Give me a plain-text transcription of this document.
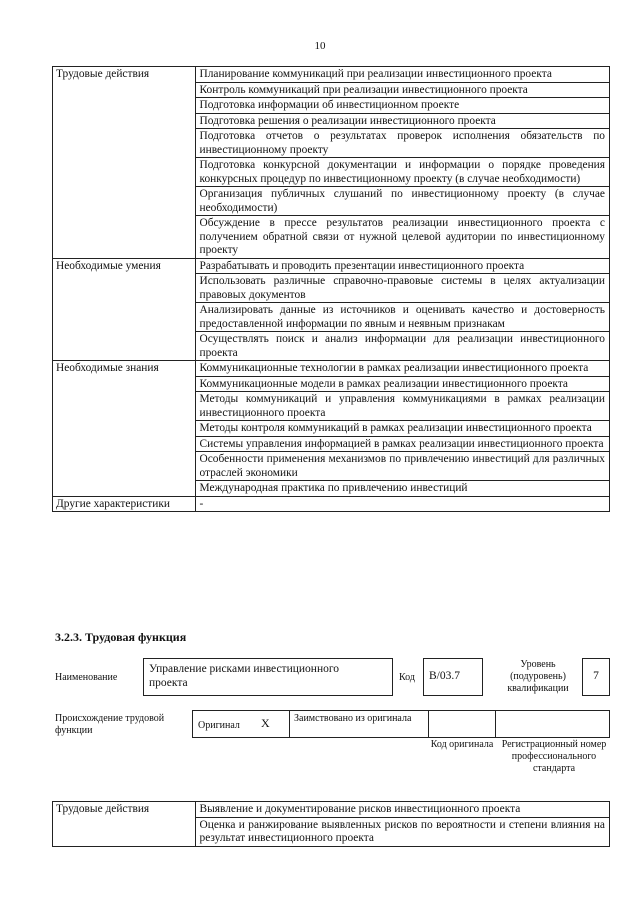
10
Трудовые действия	Планирование коммуникаций при реализации инвестиционного проекта
	Контроль коммуникаций при реализации инвестиционного проекта
	Подготовка информации об инвестиционном проекте
	Подготовка решения о реализации инвестиционного проекта
	Подготовка отчетов о результатах проверок исполнения обязательств по инвестиционному проекту
	Подготовка конкурсной документации и информации о порядке проведения конкурсных процедур по инвестиционному проекту (в случае необходимости)
	Организация публичных слушаний по инвестиционному проекту (в случае необходимости)
	Обсуждение в прессе результатов реализации инвестиционного проекта с получением обратной связи от нужной целевой аудитории по инвестиционному проекту
Необходимые умения	Разрабатывать и проводить презентации инвестиционного проекта
	Использовать различные справочно-правовые системы в целях актуализации правовых документов
	Анализировать данные из источников и оценивать качество и достоверность предоставленной информации по явным и неявным признакам
	Осуществлять поиск и анализ информации для реализации инвестиционного проекта
Необходимые знания	Коммуникационные технологии в рамках реализации инвестиционного проекта
	Коммуникационные модели в рамках реализации инвестиционного проекта
	Методы коммуникаций и управления коммуникациями в рамках реализации инвестиционного проекта
	Методы контроля коммуникаций в рамках реализации инвестиционного проекта
	Системы управления информацией в рамках реализации инвестиционного проекта
	Особенности применения механизмов по привлечению инвестиций для различных отраслей экономики
	Международная практика по привлечению инвестиций
Другие характеристики	-
3.2.3. Трудовая функция
Наименование
Управление рисками инвестиционного проекта	Код B/03.7
Уровень (подуровень) квалификации
7
Происхождение трудовой функции	Оригинал X Заимствовано из оригинала
Код оригинала Регистрационный номер профессионального стандарта
Трудовые действия	Выявление и документирование рисков инвестиционного проекта
Оценка и ранжирование выявленных рисков по вероятности и степени влияния на результат инвестиционного проекта
